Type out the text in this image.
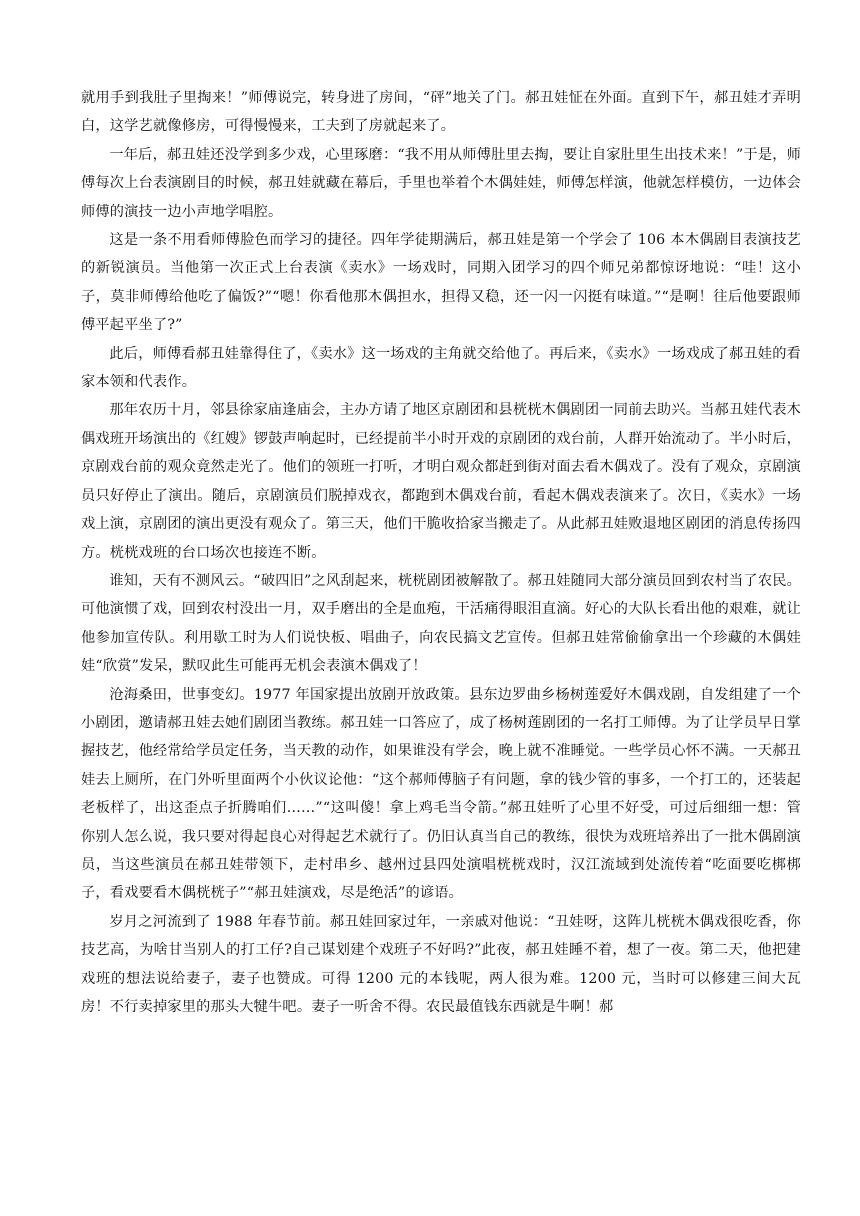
就用手到我肚子里掏来！”师傅说完，转身进了房间，“砰”地关了门。郝丑娃怔在外面。直到下午，郝丑娃才弄明白，这学艺就像修房，可得慢慢来，工夫到了房就起来了。

一年后，郝丑娃还没学到多少戏，心里琢磨：“我不用从师傅肚里去掏，要让自家肚里生出技术来！”于是，师傅每次上台表演剧目的时候，郝丑娃就藏在幕后，手里也举着个木偶娃娃，师傅怎样演，他就怎样模仿，一边体会师傅的演技一边小声地学唱腔。

这是一条不用看师傅脸色而学习的捷径。四年学徒期满后，郝丑娃是第一个学会了 106 本木偶剧目表演技艺的新锐演员。当他第一次正式上台表演《卖水》一场戏时，同期入团学习的四个师兄弟都惊讶地说：“哇！这小子，莫非师傅给他吃了偏饭?”“嗯！你看他那木偶担水，担得又稳，还一闪一闪挺有味道。”“是啊！往后他要跟师傅平起平坐了?”

此后，师傅看郝丑娃靠得住了，《卖水》这一场戏的主角就交给他了。再后来，《卖水》一场戏成了郝丑娃的看家本领和代表作。

那年农历十月，邻县徐家庙逢庙会，主办方请了地区京剧团和县桄桄木偶剧团一同前去助兴。当郝丑娃代表木偶戏班开场演出的《红嫂》锣鼓声响起时，已经提前半小时开戏的京剧团的戏台前，人群开始流动了。半小时后，京剧戏台前的观众竟然走光了。他们的领班一打听，才明白观众都赶到街对面去看木偶戏了。没有了观众，京剧演员只好停止了演出。随后，京剧演员们脱掉戏衣，都跑到木偶戏台前，看起木偶戏表演来了。次日，《卖水》一场戏上演，京剧团的演出更没有观众了。第三天，他们干脆收拾家当搬走了。从此郝丑娃败退地区剧团的消息传扬四方。桄桄戏班的台口场次也接连不断。

谁知，天有不测风云。“破四旧”之风刮起来，桄桄剧团被解散了。郝丑娃随同大部分演员回到农村当了农民。可他演惯了戏，回到农村没出一月，双手磨出的全是血疱，干活痛得眼泪直滴。好心的大队长看出他的艰难，就让他参加宣传队。利用歇工时为人们说快板、唱曲子，向农民搞文艺宣传。但郝丑娃常偷偷拿出一个珍藏的木偶娃娃“欣赏”发呆，默叹此生可能再无机会表演木偶戏了！

沧海桑田，世事变幻。1977 年国家提出放剧开放政策。县东边罗曲乡杨树莲爱好木偶戏剧，自发组建了一个小剧团，邀请郝丑娃去她们剧团当教练。郝丑娃一口答应了，成了杨树莲剧团的一名打工师傅。为了让学员早日掌握技艺，他经常给学员定任务，当天教的动作，如果谁没有学会，晚上就不准睡觉。一些学员心怀不满。一天郝丑娃去上厕所，在门外听里面两个小伙议论他：“这个郝师傅脑子有问题，拿的钱少管的事多，一个打工的，还装起老板样了，出这歪点子折腾咱们……”“这叫傻！拿上鸡毛当令箭。”郝丑娃听了心里不好受，可过后细细一想：管你别人怎么说，我只要对得起良心对得起艺术就行了。仍旧认真当自己的教练，很快为戏班培养出了一批木偶剧演员，当这些演员在郝丑娃带领下，走村串乡、越州过县四处演唱桄桄戏时，汉江流域到处流传着“吃面要吃梆梆子，看戏要看木偶桄桄子”“郝丑娃演戏，尽是绝活”的谚语。

岁月之河流到了 1988 年春节前。郝丑娃回家过年，一亲戚对他说：“丑娃呀，这阵儿桄桄木偶戏很吃香，你技艺高，为啥甘当别人的打工仔?自己谋划建个戏班子不好吗?”此夜，郝丑娃睡不着，想了一夜。第二天，他把建戏班的想法说给妻子，妻子也赞成。可得 1200 元的本钱呢，两人很为难。1200 元，当时可以修建三间大瓦房！不行卖掉家里的那头大犍牛吧。妻子一听舍不得。农民最值钱东西就是牛啊！郝
